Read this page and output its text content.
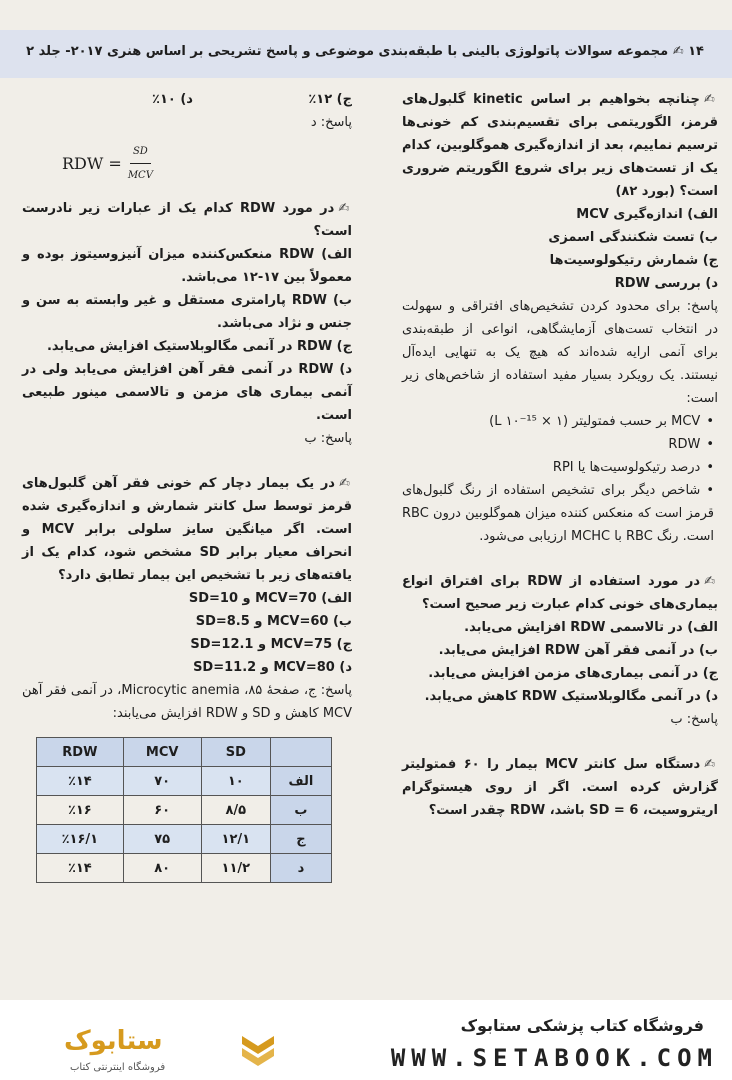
۱۴ ✍ مجموعه سوالات پاتولوژی بالینی با طبقه‌بندی موضوعی و پاسخ تشریحی بر اساس هنری ۲۰۱۷- جلد ۲

✍ چنانچه بخواهیم بر اساس kinetic گلبول‌های قرمز، الگوریتمی برای تقسیم‌بندی کم خونی‌ها ترسیم نماییم، بعد از اندازه‌گیری هموگلوبین، کدام یک از تست‌های زیر برای شروع الگوریتم ضروری است؟ (بورد ۸۲)

الف) اندازه‌گیری MCV

ب) تست شکنندگی اسمزی

ج) شمارش رتیکولوسیت‌ها

د) بررسی RDW

پاسخ: برای محدود کردن تشخیص‌های افتراقی و سهولت در انتخاب تست‌های آزمایشگاهی، انواعی از طبقه‌بندی برای آنمی ارایه شده‌اند که هیچ یک به تنهایی ایده‌آل نیستند. یک رویکرد بسیار مفید استفاده از شاخص‌های زیر است:

• MCV بر حسب فمتولیتر (L ‎۱۰‎⁻¹⁵ × ۱)

• RDW

• درصد رتیکولوسیت‌ها یا RPI

• شاخص دیگر برای تشخیص استفاده از رنگ گلبول‌های قرمز است که منعکس کننده میزان هموگلوبین درون RBC است. رنگ RBC با MCHC ارزیابی می‌شود.

✍ در مورد استفاده از RDW برای افتراق انواع بیماری‌های خونی کدام عبارت زیر صحیح است؟

الف) در تالاسمی RDW افزایش می‌یابد.

ب) در آنمی فقر آهن RDW افزایش می‌یابد.

ج) در آنمی بیماری‌های مزمن افزایش می‌یابد.

د) در آنمی مگالوبلاستیک RDW کاهش می‌یابد.

پاسخ: ب

✍ دستگاه سل کانتر MCV بیمار را ۶۰ فمتولیتر گزارش کرده است. اگر از روی هیستوگرام اریتروسیت، SD = 6 باشد، RDW چقدر است؟

ج) ۱۲٪
د) ۱۰٪

پاسخ: د

RDW = $\frac{SD}{\text{MCV}}$

✍ در مورد RDW کدام یک از عبارات زیر نادرست است؟

الف) RDW منعکس‌کننده میزان آنیزوسیتوز بوده و معمولاً بین ۱۷-۱۲ می‌باشد.

ب) RDW پارامتری مستقل و غیر وابسته به سن و جنس و نژاد می‌باشد.

ج) RDW در آنمی مگالوبلاستیک افزایش می‌یابد.

د) RDW در آنمی فقر آهن افزایش می‌یابد ولی در آنمی بیماری های مزمن و تالاسمی مینور طبیعی است.

پاسخ: ب

✍ در یک بیمار دچار کم خونی فقر آهن گلبول‌های قرمز توسط سل کانتر شمارش و اندازه‌گیری شده است. اگر میانگین سایز سلولی برابر MCV و انحراف معیار برابر SD مشخص شود، کدام یک از یافته‌های زیر با تشخیص این بیمار تطابق دارد؟

الف) MCV=70 و SD=10

ب) MCV=60 و SD=8.5

ج) MCV=75 و SD=12.1

د) MCV=80 و SD=11.2

پاسخ: ج، صفحهٔ ۸۵، Microcytic anemia، در آنمی فقر آهن MCV کاهش و SD و RDW افزایش می‌یابند:

	SD	MCV	RDW
الف	۱۰	۷۰	٪۱۴
ب	۸/۵	۶۰	٪۱۶
ج	۱۲/۱	۷۵	٪۱۶/۱
د	۱۱/۲	۸۰	٪۱۴
ستابوک
فروشگاه اینترنتی کتاب
فروشگاه کتاب پزشکی ستابوک
WWW.SETABOOK.COM
